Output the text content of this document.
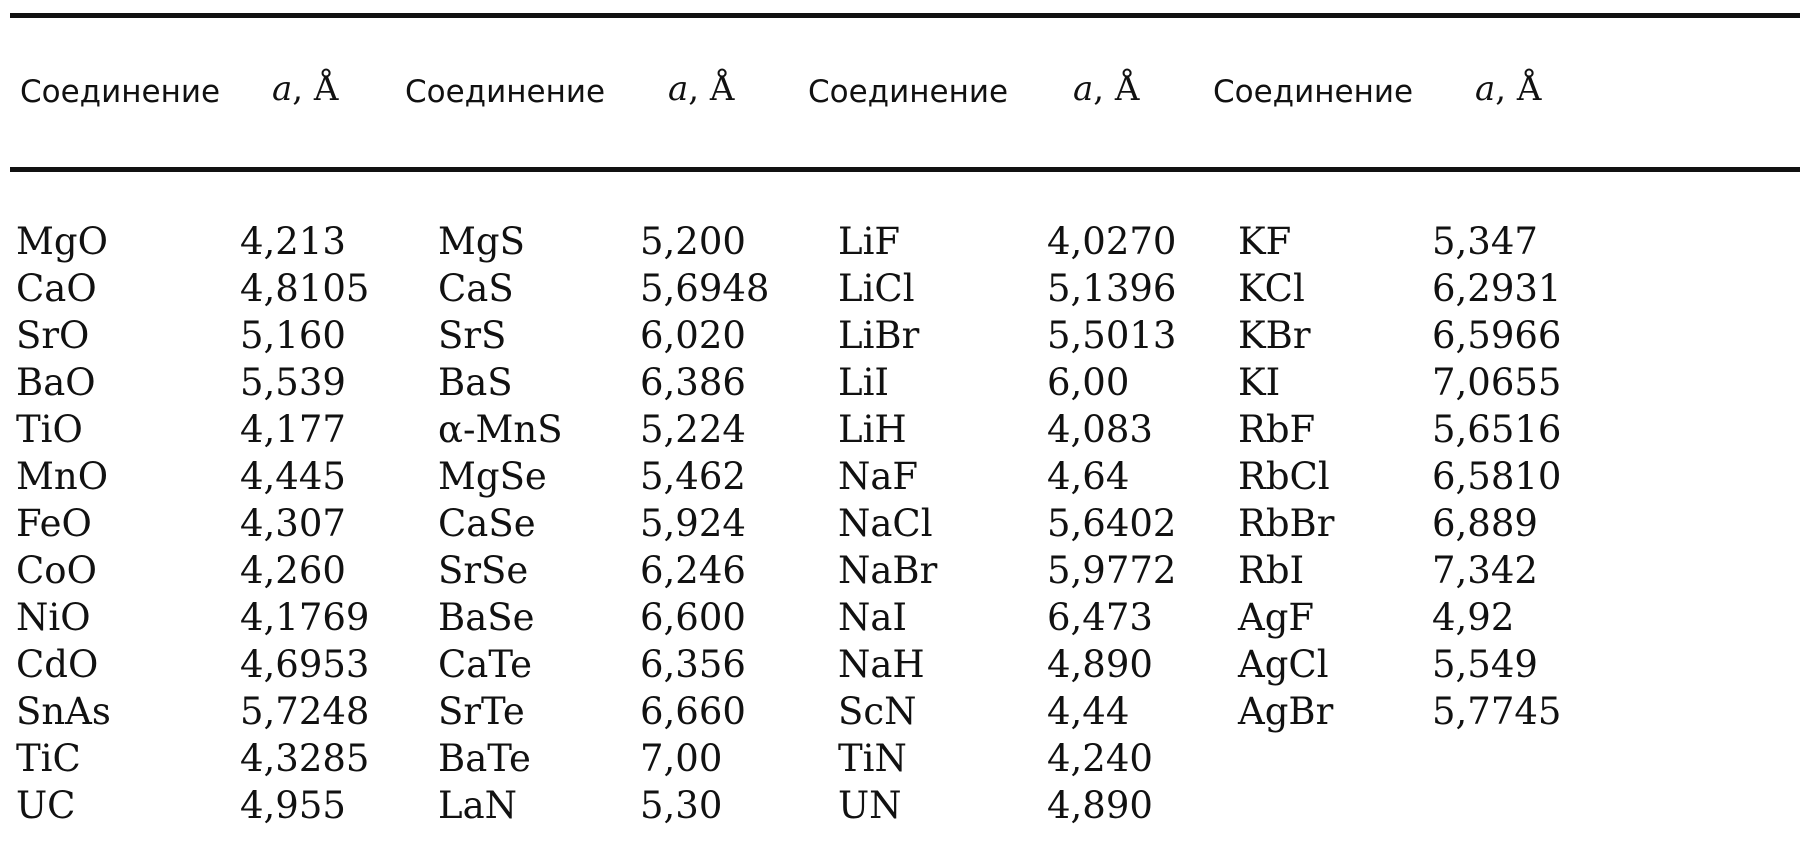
Соединение a, Å Соединение a, Å Соединение a, Å Соединение a, Å
MgO
CaO
SrO
BaO
TiO
MnO
FeO
CoO
NiO
CdO
SnAs
TiC
UC
4,213
4,8105
5,160
5,539
4,177
4,445
4,307
4,260
4,1769
4,6953
5,7248
4,3285
4,955
MgS
CaS
SrS
BaS
α-MnS
MgSe
CaSe
SrSe
BaSe
CaTe
SrTe
BaTe
LaN
5,200
5,6948
6,020
6,386
5,224
5,462
5,924
6,246
6,600
6,356
6,660
7,00
5,30
LiF
LiCl
LiBr
LiI
LiH
NaF
NaCl
NaBr
NaI
NaH
ScN
TiN
UN
4,0270
5,1396
5,5013
6,00
4,083
4,64
5,6402
5,9772
6,473
4,890
4,44
4,240
4,890
KF
KCl
KBr
KI
RbF
RbCl
RbBr
RbI
AgF
AgCl
AgBr
5,347
6,2931
6,5966
7,0655
5,6516
6,5810
6,889
7,342
4,92
5,549
5,7745
